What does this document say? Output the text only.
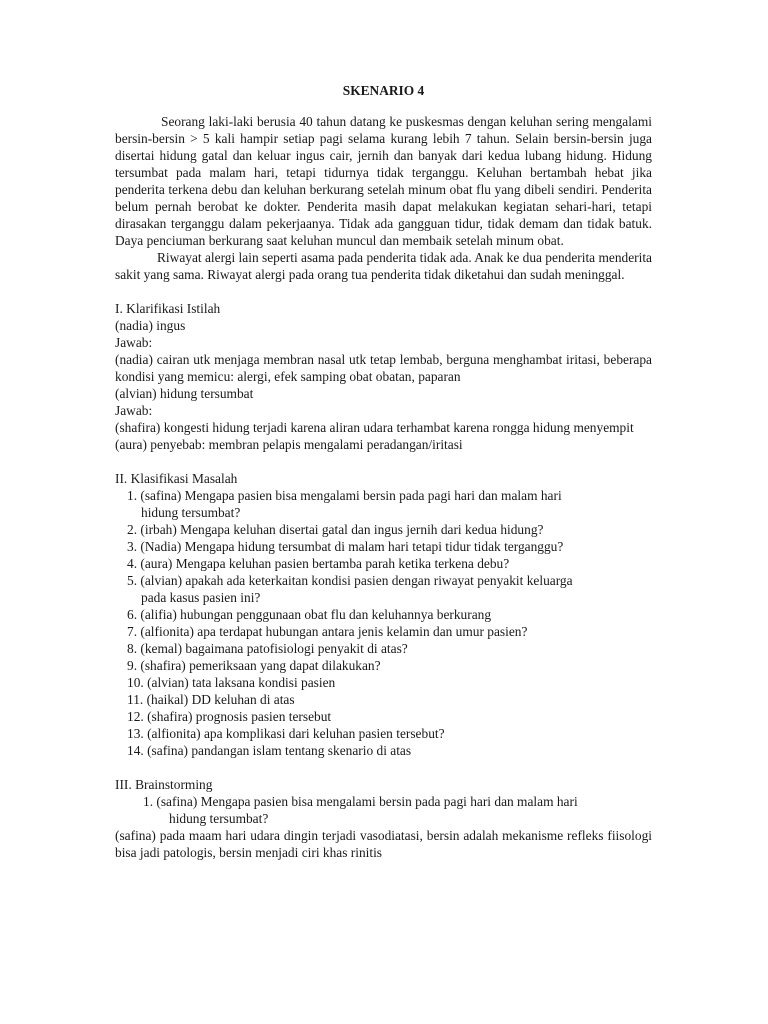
SKENARIO 4

Seorang laki-laki berusia 40 tahun datang ke puskesmas dengan keluhan sering mengalami bersin-bersin > 5 kali hampir setiap pagi selama kurang lebih 7 tahun. Selain bersin-bersin juga disertai hidung gatal dan keluar ingus cair, jernih dan banyak dari kedua lubang hidung. Hidung tersumbat pada malam hari, tetapi tidurnya tidak terganggu. Keluhan bertambah hebat jika penderita terkena debu dan keluhan berkurang setelah minum obat flu yang dibeli sendiri. Penderita belum pernah berobat ke dokter. Penderita masih dapat melakukan kegiatan sehari-hari, tetapi dirasakan terganggu dalam pekerjaanya. Tidak ada gangguan tidur, tidak demam dan tidak batuk. Daya penciuman berkurang saat keluhan muncul dan membaik setelah minum obat.

Riwayat alergi lain seperti asama pada penderita tidak ada. Anak ke dua penderita menderita sakit yang sama. Riwayat alergi pada orang tua penderita tidak diketahui dan sudah meninggal.

I. Klarifikasi Istilah

(nadia) ingus

Jawab:

(nadia) cairan utk menjaga membran nasal utk tetap lembab, berguna menghambat iritasi, beberapa kondisi yang memicu: alergi, efek samping obat obatan, paparan

(alvian) hidung tersumbat

Jawab:

(shafira) kongesti hidung terjadi karena aliran udara terhambat karena rongga hidung menyempit

(aura) penyebab: membran pelapis mengalami peradangan/iritasi

II. Klasifikasi Masalah

1. (safina) Mengapa pasien bisa mengalami bersin pada pagi hari dan malam hari
hidung tersumbat?
2. (irbah) Mengapa keluhan disertai gatal dan ingus jernih dari kedua hidung?
3. (Nadia) Mengapa hidung tersumbat di malam hari tetapi tidur tidak terganggu?
4. (aura) Mengapa keluhan pasien bertamba parah ketika terkena debu?
5. (alvian) apakah ada keterkaitan kondisi pasien dengan riwayat penyakit keluarga
pada kasus pasien ini?
6. (alifia) hubungan penggunaan obat flu dan keluhannya berkurang
7. (alfionita) apa terdapat hubungan antara jenis kelamin dan umur pasien?
8. (kemal) bagaimana patofisiologi penyakit di atas?
9. (shafira) pemeriksaan yang dapat dilakukan?
10. (alvian) tata laksana kondisi pasien
11. (haikal) DD keluhan di atas
12. (shafira) prognosis pasien tersebut
13. (alfionita) apa komplikasi dari keluhan pasien tersebut?
14. (safina) pandangan islam tentang skenario di atas

III. Brainstorming

1. (safina) Mengapa pasien bisa mengalami bersin pada pagi hari dan malam hari
hidung tersumbat?

(safina) pada maam hari udara dingin terjadi vasodiatasi, bersin adalah mekanisme refleks fiisologi bisa jadi patologis, bersin menjadi ciri khas rinitis
